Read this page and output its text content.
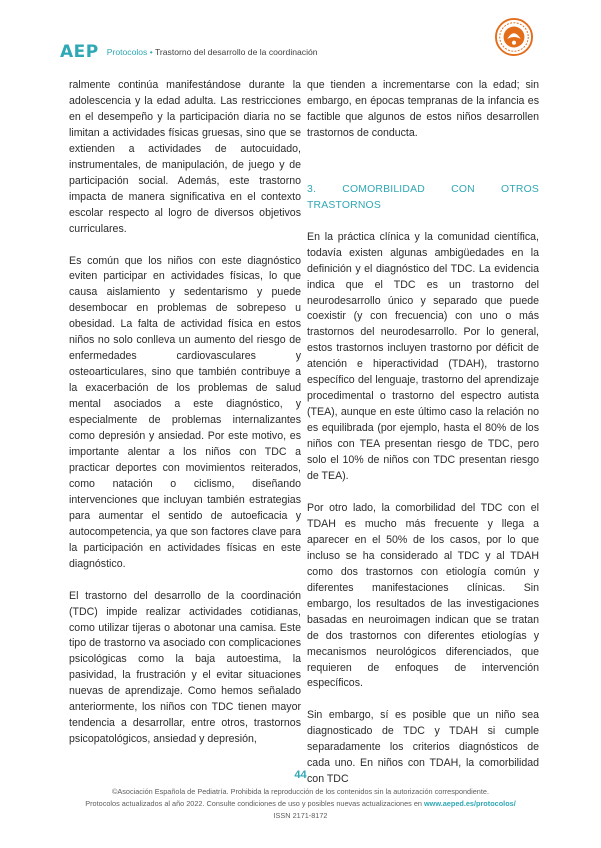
AEP Protocolos • Trastorno del desarrollo de la coordinación

ralmente continúa manifestándose durante la adolescencia y la edad adulta. Las restricciones en el desempeño y la participación diaria no se limitan a actividades físicas gruesas, sino que se extienden a actividades de autocuidado, instrumentales, de manipulación, de juego y de participación social. Además, este trastorno impacta de manera significativa en el contexto escolar respecto al logro de diversos objetivos curriculares.

Es común que los niños con este diagnóstico eviten participar en actividades físicas, lo que causa aislamiento y sedentarismo y puede desembocar en problemas de sobrepeso u obesidad. La falta de actividad física en estos niños no solo conlleva un aumento del riesgo de enfermedades cardiovasculares y osteoarticulares, sino que también contribuye a la exacerbación de los problemas de salud mental asociados a este diagnóstico, y especialmente de problemas internalizantes como depresión y ansiedad. Por este motivo, es importante alentar a los niños con TDC a practicar deportes con movimientos reiterados, como natación o ciclismo, diseñando intervenciones que incluyan también estrategias para aumentar el sentido de autoeficacia y autocompetencia, ya que son factores clave para la participación en actividades físicas en este diagnóstico.

El trastorno del desarrollo de la coordinación (TDC) impide realizar actividades cotidianas, como utilizar tijeras o abotonar una camisa. Este tipo de trastorno va asociado con complicaciones psicológicas como la baja autoestima, la pasividad, la frustración y el evitar situaciones nuevas de aprendizaje. Como hemos señalado anteriormente, los niños con TDC tienen mayor tendencia a desarrollar, entre otros, trastornos psicopatológicos, ansiedad y depresión,

que tienden a incrementarse con la edad; sin embargo, en épocas tempranas de la infancia es factible que algunos de estos niños desarrollen trastornos de conducta.

3. COMORBILIDAD CON OTROS TRASTORNOS

En la práctica clínica y la comunidad científica, todavía existen algunas ambigüedades en la definición y el diagnóstico del TDC. La evidencia indica que el TDC es un trastorno del neurodesarrollo único y separado que puede coexistir (y con frecuencia) con uno o más trastornos del neurodesarrollo. Por lo general, estos trastornos incluyen trastorno por déficit de atención e hiperactividad (TDAH), trastorno específico del lenguaje, trastorno del aprendizaje procedimental o trastorno del espectro autista (TEA), aunque en este último caso la relación no es equilibrada (por ejemplo, hasta el 80% de los niños con TEA presentan riesgo de TDC, pero solo el 10% de niños con TDC presentan riesgo de TEA).

Por otro lado, la comorbilidad del TDC con el TDAH es mucho más frecuente y llega a aparecer en el 50% de los casos, por lo que incluso se ha considerado al TDC y al TDAH como dos trastornos con etiología común y diferentes manifestaciones clínicas. Sin embargo, los resultados de las investigaciones basadas en neuroimagen indican que se tratan de dos trastornos con diferentes etiologías y mecanismos neurológicos diferenciados, que requieren de enfoques de intervención específicos.

Sin embargo, sí es posible que un niño sea diagnosticado de TDC y TDAH si cumple separadamente los criterios diagnósticos de cada uno. En niños con TDAH, la comorbilidad con TDC

44
©Asociación Española de Pediatría. Prohibida la reproducción de los contenidos sin la autorización correspondiente.
Protocolos actualizados al año 2022. Consulte condiciones de uso y posibles nuevas actualizaciones en www.aeped.es/protocolos/
ISSN 2171-8172
